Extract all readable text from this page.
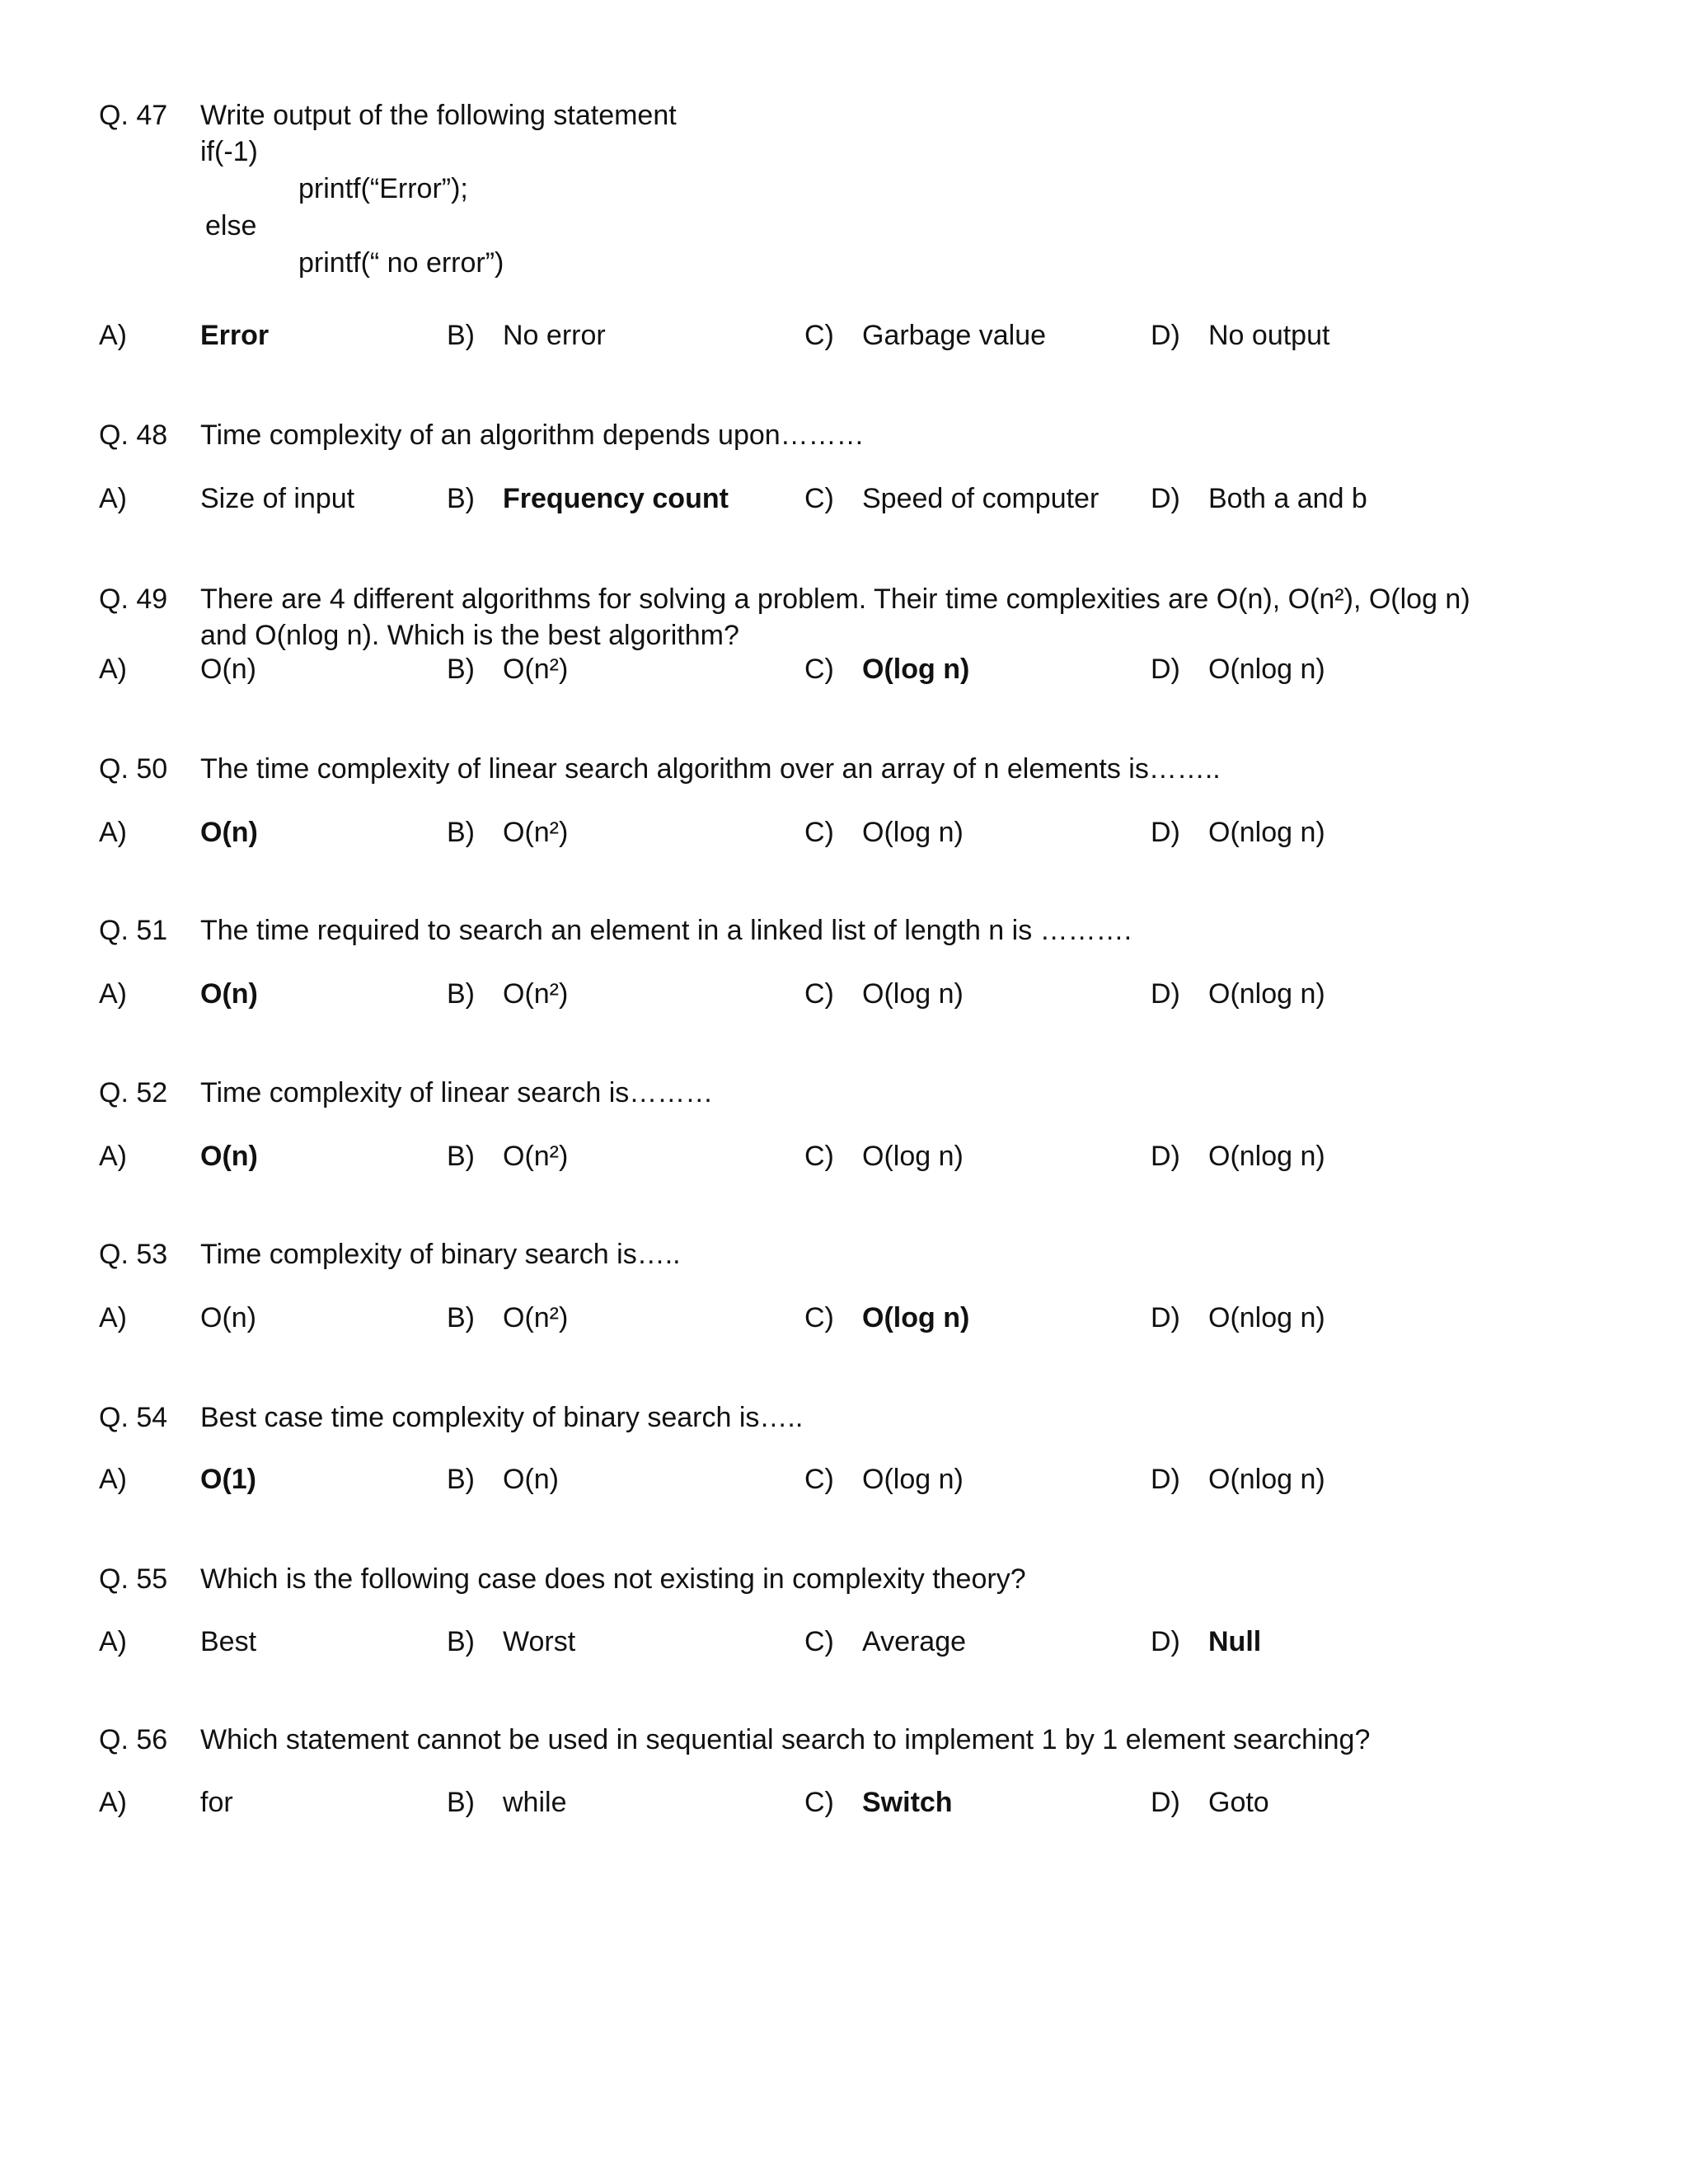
Q. 47 Write output of the following statement
if(-1)
printf(“Error”);
else
printf(“ no error”)
A)	Error	B) No error	C) Garbage value	D) No output
Q. 48 Time complexity of an algorithm depends upon………
A)	Size of input	B) Frequency count	C) Speed of computer D) Both a and b
Q. 49 There are 4 different algorithms for solving a problem. Their time complexities are O(n), O(n²), O(log n) and O(nlog n). Which is the best algorithm?
A)	O(n)	B) O(n²)	C) O(log n)	D) O(nlog n)
Q. 50 The time complexity of linear search algorithm over an array of n elements is……..
A)	O(n)	B) O(n²)	C) O(log n)	D) O(nlog n)
Q. 51 The time required to search an element in a linked list of length n is ……….
A)	O(n)	B) O(n²)	C) O(log n)	D) O(nlog n)
Q. 52 Time complexity of linear search is………
A)	O(n)	B) O(n²)	C) O(log n)	D) O(nlog n)
Q. 53 Time complexity of binary search is…..
A)	O(n)	B) O(n²)	C) O(log n)	D) O(nlog n)
Q. 54 Best case time complexity of binary search is…..
A)	O(1)	B) O(n)	C) O(log n)	D) O(nlog n)
Q. 55 Which is the following case does not existing in complexity theory?
A)	Best	B) Worst	C) Average	D) Null
Q. 56 Which statement cannot be used in sequential search to implement 1 by 1 element searching?
A)	for	B) while	C) Switch	D) Goto
